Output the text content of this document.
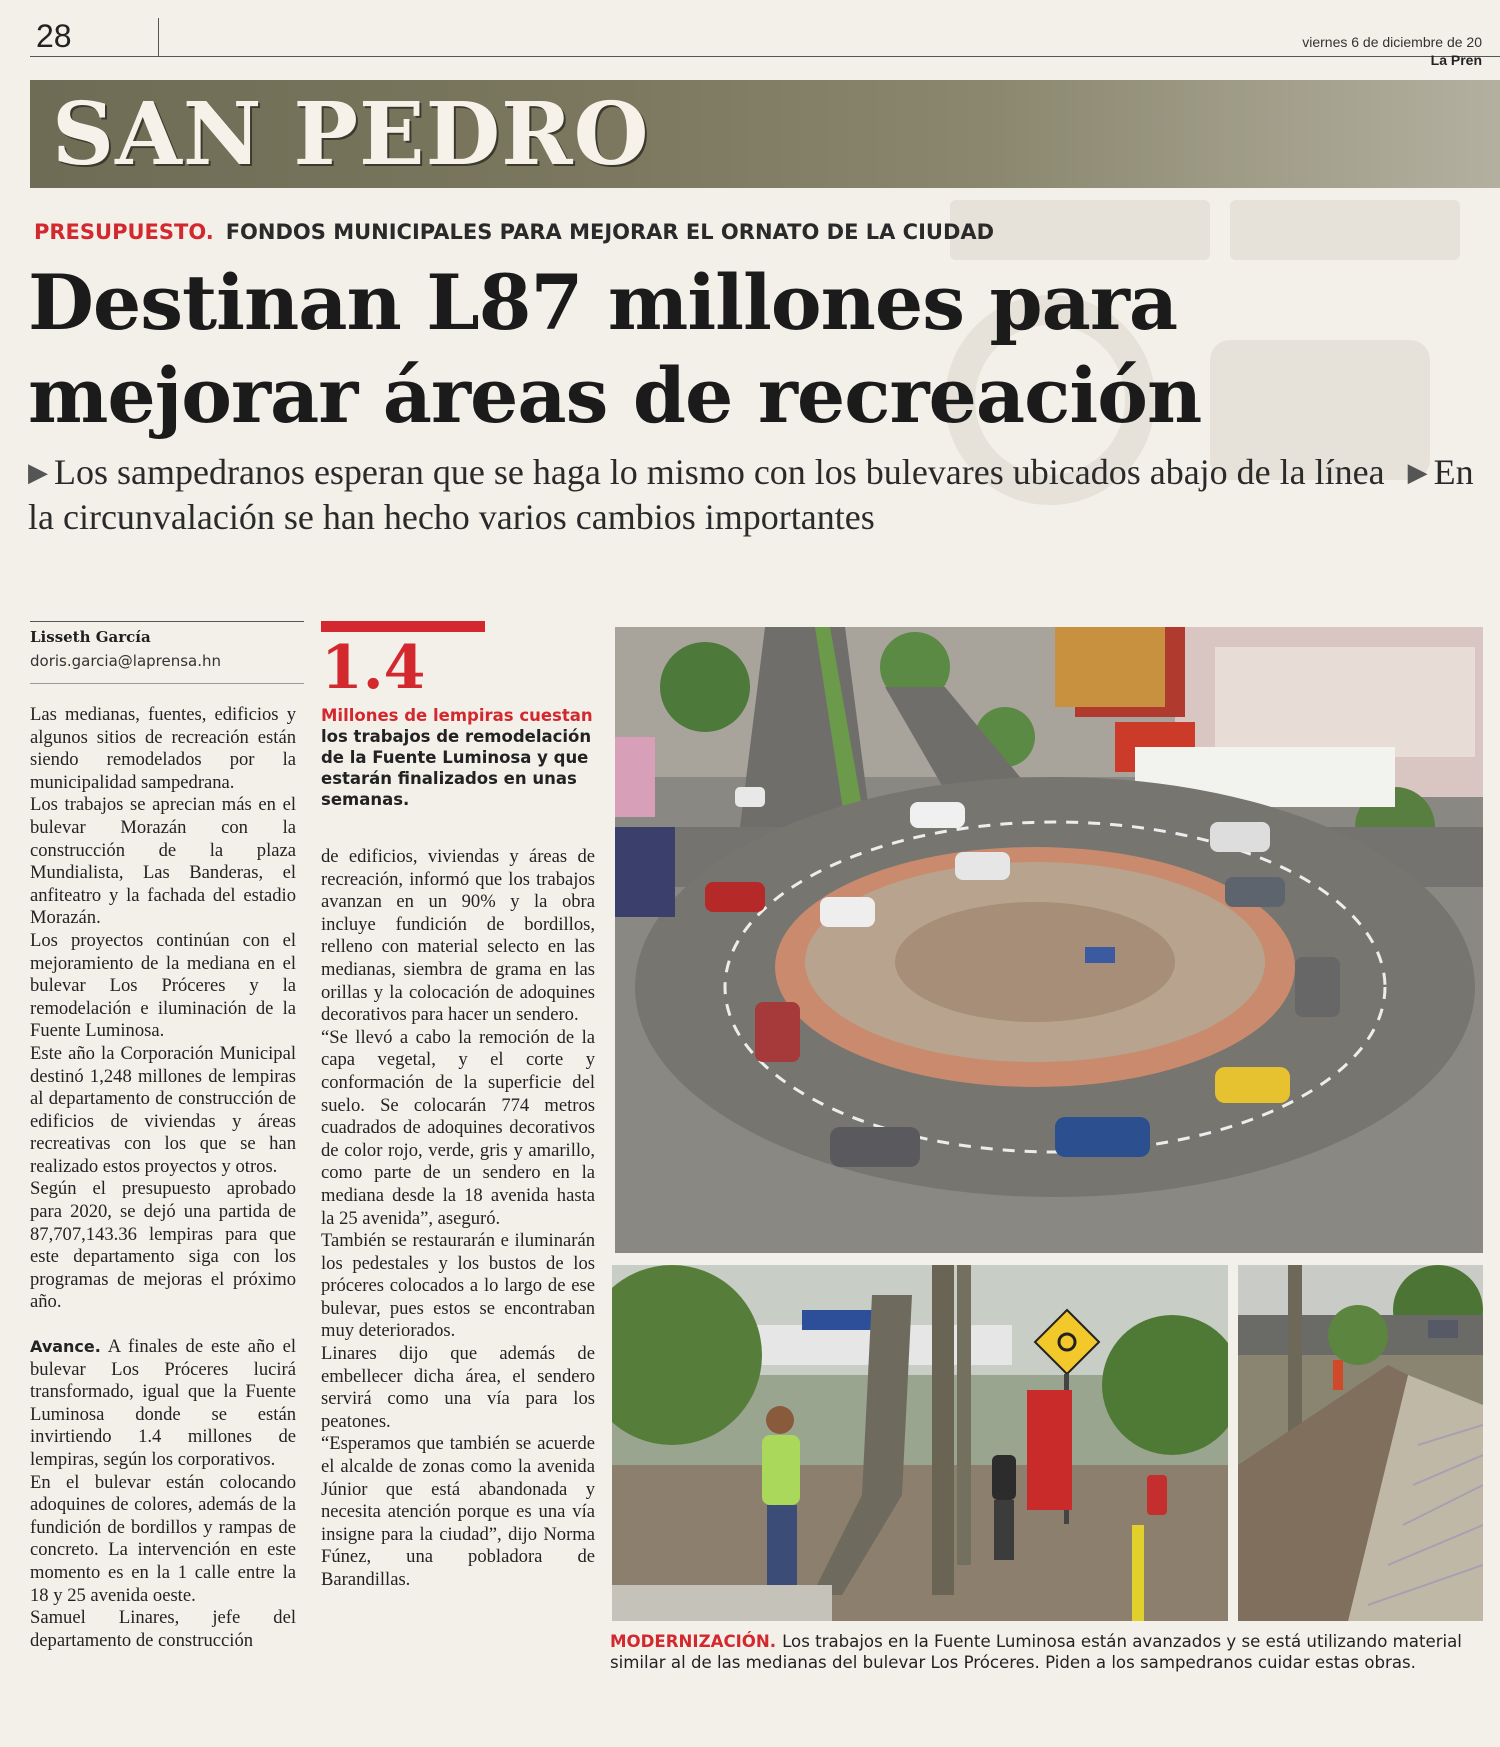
28	viernes 6 de diciembre de 20
La Pren
SAN PEDRO
PRESUPUESTO. FONDOS MUNICIPALES PARA MEJORAR EL ORNATO DE LA CIUDAD
Destinan L87 millones para
mejorar áreas de recreación
▶ Los sampedranos esperan que se haga lo mismo con los bulevares ubicados abajo de la línea ▶ En la circunvalación se han hecho varios cambios importantes
Lisseth García
doris.garcia@laprensa.hn

Las medianas, fuentes, edificios y algunos sitios de recreación están siendo remodelados por la municipalidad sampedrana.

Los trabajos se aprecian más en el bulevar Morazán con la construcción de la plaza Mundialista, Las Banderas, el anfiteatro y la fachada del estadio Morazán.

Los proyectos continúan con el mejoramiento de la mediana en el bulevar Los Próceres y la remodelación e iluminación de la Fuente Luminosa.

Este año la Corporación Municipal destinó 1,248 millones de lempiras al departamento de construcción de edificios de viviendas y áreas recreativas con los que se han realizado estos proyectos y otros.

Según el presupuesto aprobado para 2020, se dejó una partida de 87,707,143.36 lempiras para que este departamento siga con los programas de mejoras el próximo año.

Avance. A finales de este año el bulevar Los Próceres lucirá transformado, igual que la Fuente Luminosa donde se están invirtiendo 1.4 millones de lempiras, según los corporativos.

En el bulevar están colocando adoquines de colores, además de la fundición de bordillos y rampas de concreto. La intervención en este momento es en la 1 calle entre la 18 y 25 avenida oeste.

Samuel Linares, jefe del departamento de construcción

1.4
Millones de lempiras cuestan los trabajos de remodelación de la Fuente Luminosa y que estarán finalizados en unas semanas.

de edificios, viviendas y áreas de recreación, informó que los trabajos avanzan en un 90% y la obra incluye fundición de bordillos, relleno con material selecto en las medianas, siembra de grama en las orillas y la colocación de adoquines decorativos para hacer un sendero.

“Se llevó a cabo la remoción de la capa vegetal, y el corte y conformación de la superficie del suelo. Se colocarán 774 metros cuadrados de adoquines decorativos de color rojo, verde, gris y amarillo, como parte de un sendero en la mediana desde la 18 avenida hasta la 25 avenida”, aseguró.

También se restaurarán e iluminarán los pedestales y los bustos de los próceres colocados a lo largo de ese bulevar, pues estos se encontraban muy deteriorados.

Linares dijo que además de embellecer dicha área, el sendero servirá como una vía para los peatones.

“Esperamos que también se acuerde el alcalde de zonas como la avenida Júnior que está abandonada y necesita atención porque es una vía insigne para la ciudad”, dijo Norma Fúnez, una pobladora de Barandillas.

MODERNIZACIÓN. Los trabajos en la Fuente Luminosa están avanzados y se está utilizando material similar al de las medianas del bulevar Los Próceres. Piden a los sampedranos cuidar estas obras.
